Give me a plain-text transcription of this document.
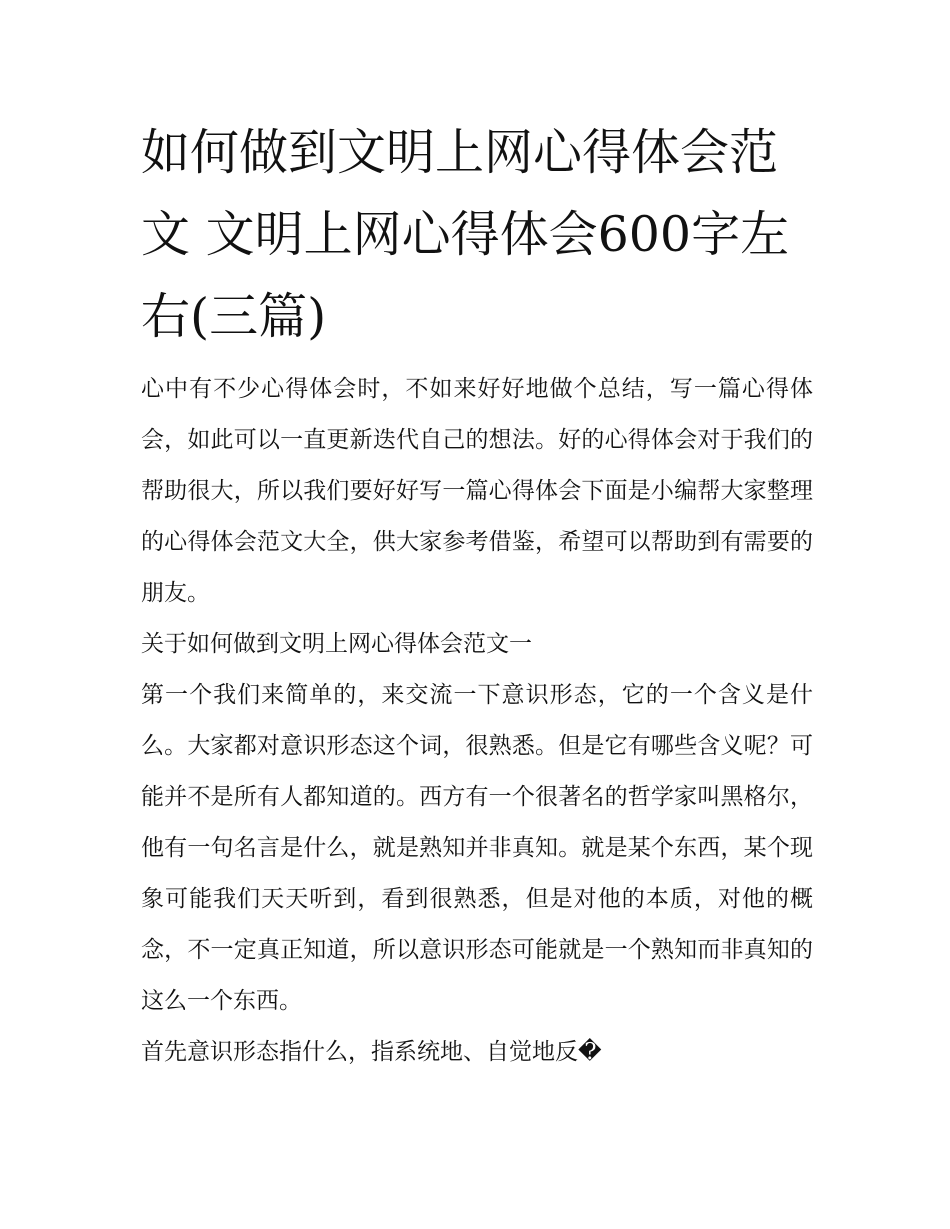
如何做到文明上网心得体会范文 文明上网心得体会600字左右(三篇)

心中有不少心得体会时，不如来好好地做个总结，写一篇心得体会，如此可以一直更新迭代自己的想法。好的心得体会对于我们的帮助很大，所以我们要好好写一篇心得体会下面是小编帮大家整理的心得体会范文大全，供大家参考借鉴，希望可以帮助到有需要的朋友。

关于如何做到文明上网心得体会范文一

第一个我们来简单的，来交流一下意识形态，它的一个含义是什么。大家都对意识形态这个词，很熟悉。但是它有哪些含义呢？可能并不是所有人都知道的。西方有一个很著名的哲学家叫黑格尔，他有一句名言是什么，就是熟知并非真知。就是某个东西，某个现象可能我们天天听到，看到很熟悉，但是对他的本质，对他的概念，不一定真正知道，所以意识形态可能就是一个熟知而非真知的这么一个东西。

首先意识形态指什么，指系统地、自觉地反�
